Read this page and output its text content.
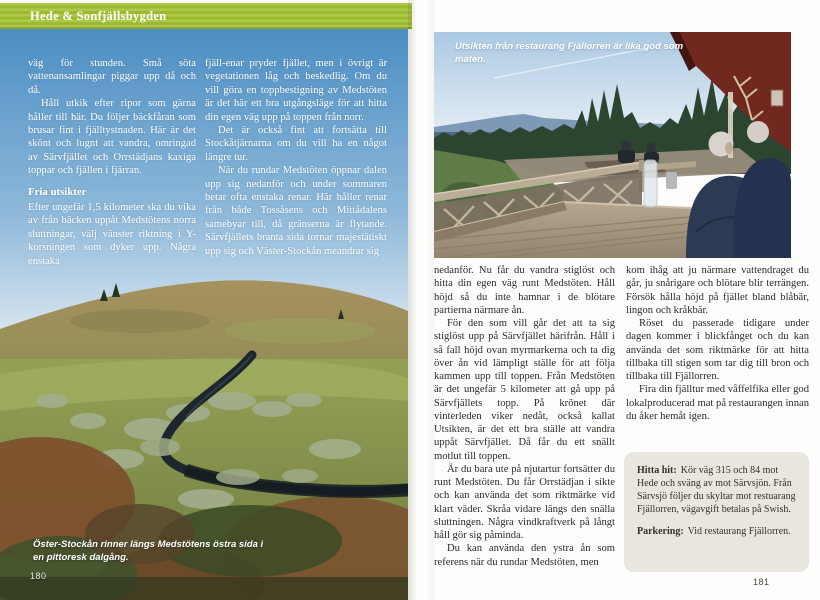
Hede & Sonfjällsbygden

väg för stunden. Små söta vattenansamlingar piggar upp då och då.

Håll utkik efter ripor som gärna håller till här. Du följer bäckfåran som brusar fint i fjälltystnaden. Här är det skönt och lugnt att vandra, omringad av Särvfjället och Orrstädjans kaxiga toppar och fjällen i fjärran.

Fria utsikter

Efter ungefär 1,5 kilometer ska du vika av från bäcken uppåt Medstötens norra sluttningar, välj vänster riktning i Y-korsningen som dyker upp. Några enstaka

fjäll-enar pryder fjället, men i övrigt är vegetationen låg och beskedlig. Om du vill göra en toppbestigning av Medstöten är det här ett bra utgångsläge för att hitta din egen väg upp på toppen från norr.

Det är också fint att fortsätta till Stockåtjärnarna om du vill ha en något längre tur.

När du rundar Medstöten öppnar dalen upp sig nedanför och under sommaren betar ofta enstaka renar. Här håller renar från både Tossåsens och Mittådalens samebyar till, då gränserna är flytande. Särvfjällets branta sida tornar majestätiskt upp sig och Väster-Stockån meandrar sig

Öster-Stockån rinner längs Medstötens östra sida i en pittoresk dalgång.
180
Utsikten från restaurang Fjällorren är lika god som maten.

nedanför. Nu får du vandra stiglöst och hitta din egen väg runt Medstöten. Håll höjd så du inte hamnar i de blötare partierna närmare ån.

För den som vill går det att ta sig stiglöst upp på Särvfjället härifrån. Håll i så fall höjd ovan myrmarkerna och ta dig över ån vid lämpligt ställe för att följa kammen upp till toppen. Från Medstöten är det ungefär 5 kilometer att gå upp på Särvfjällets topp. På krönet där vinterleden viker nedåt, också kallat Utsikten, är det ett bra ställe att vandra uppåt Särvfjället. Då får du ett snällt motlut till toppen.

Är du bara ute på njutartur fortsätter du runt Medstöten. Du får Orrstädjan i sikte och kan använda det som riktmärke vid klart väder. Skråa vidare längs den snälla sluttningen. Några vindkraftverk på långt håll gör sig påminda.

Du kan använda den ystra ån som referens när du rundar Medstöten, men

kom ihåg att ju närmare vattendraget du går, ju snårigare och blötare blir terrängen. Försök hålla höjd på fjället bland blåbär, lingon och kråkbär.

Röset du passerade tidigare under dagen kommer i blickfånget och du kan använda det som riktmärke för att hitta tillbaka till stigen som tar dig till bron och tillbaka till Fjällorren.

Fira din fjälltur med våffelfika eller god lokalproducerad mat på restaurangen innan du åker hemåt igen.

Hitta hit: Kör väg 315 och 84 mot Hede och sväng av mot Särvsjön. Från Särvsjö följer du skyltar mot restuarang Fjällorren, vägavgift betalas på Swish.

Parkering: Vid restaurang Fjällorren.

181
